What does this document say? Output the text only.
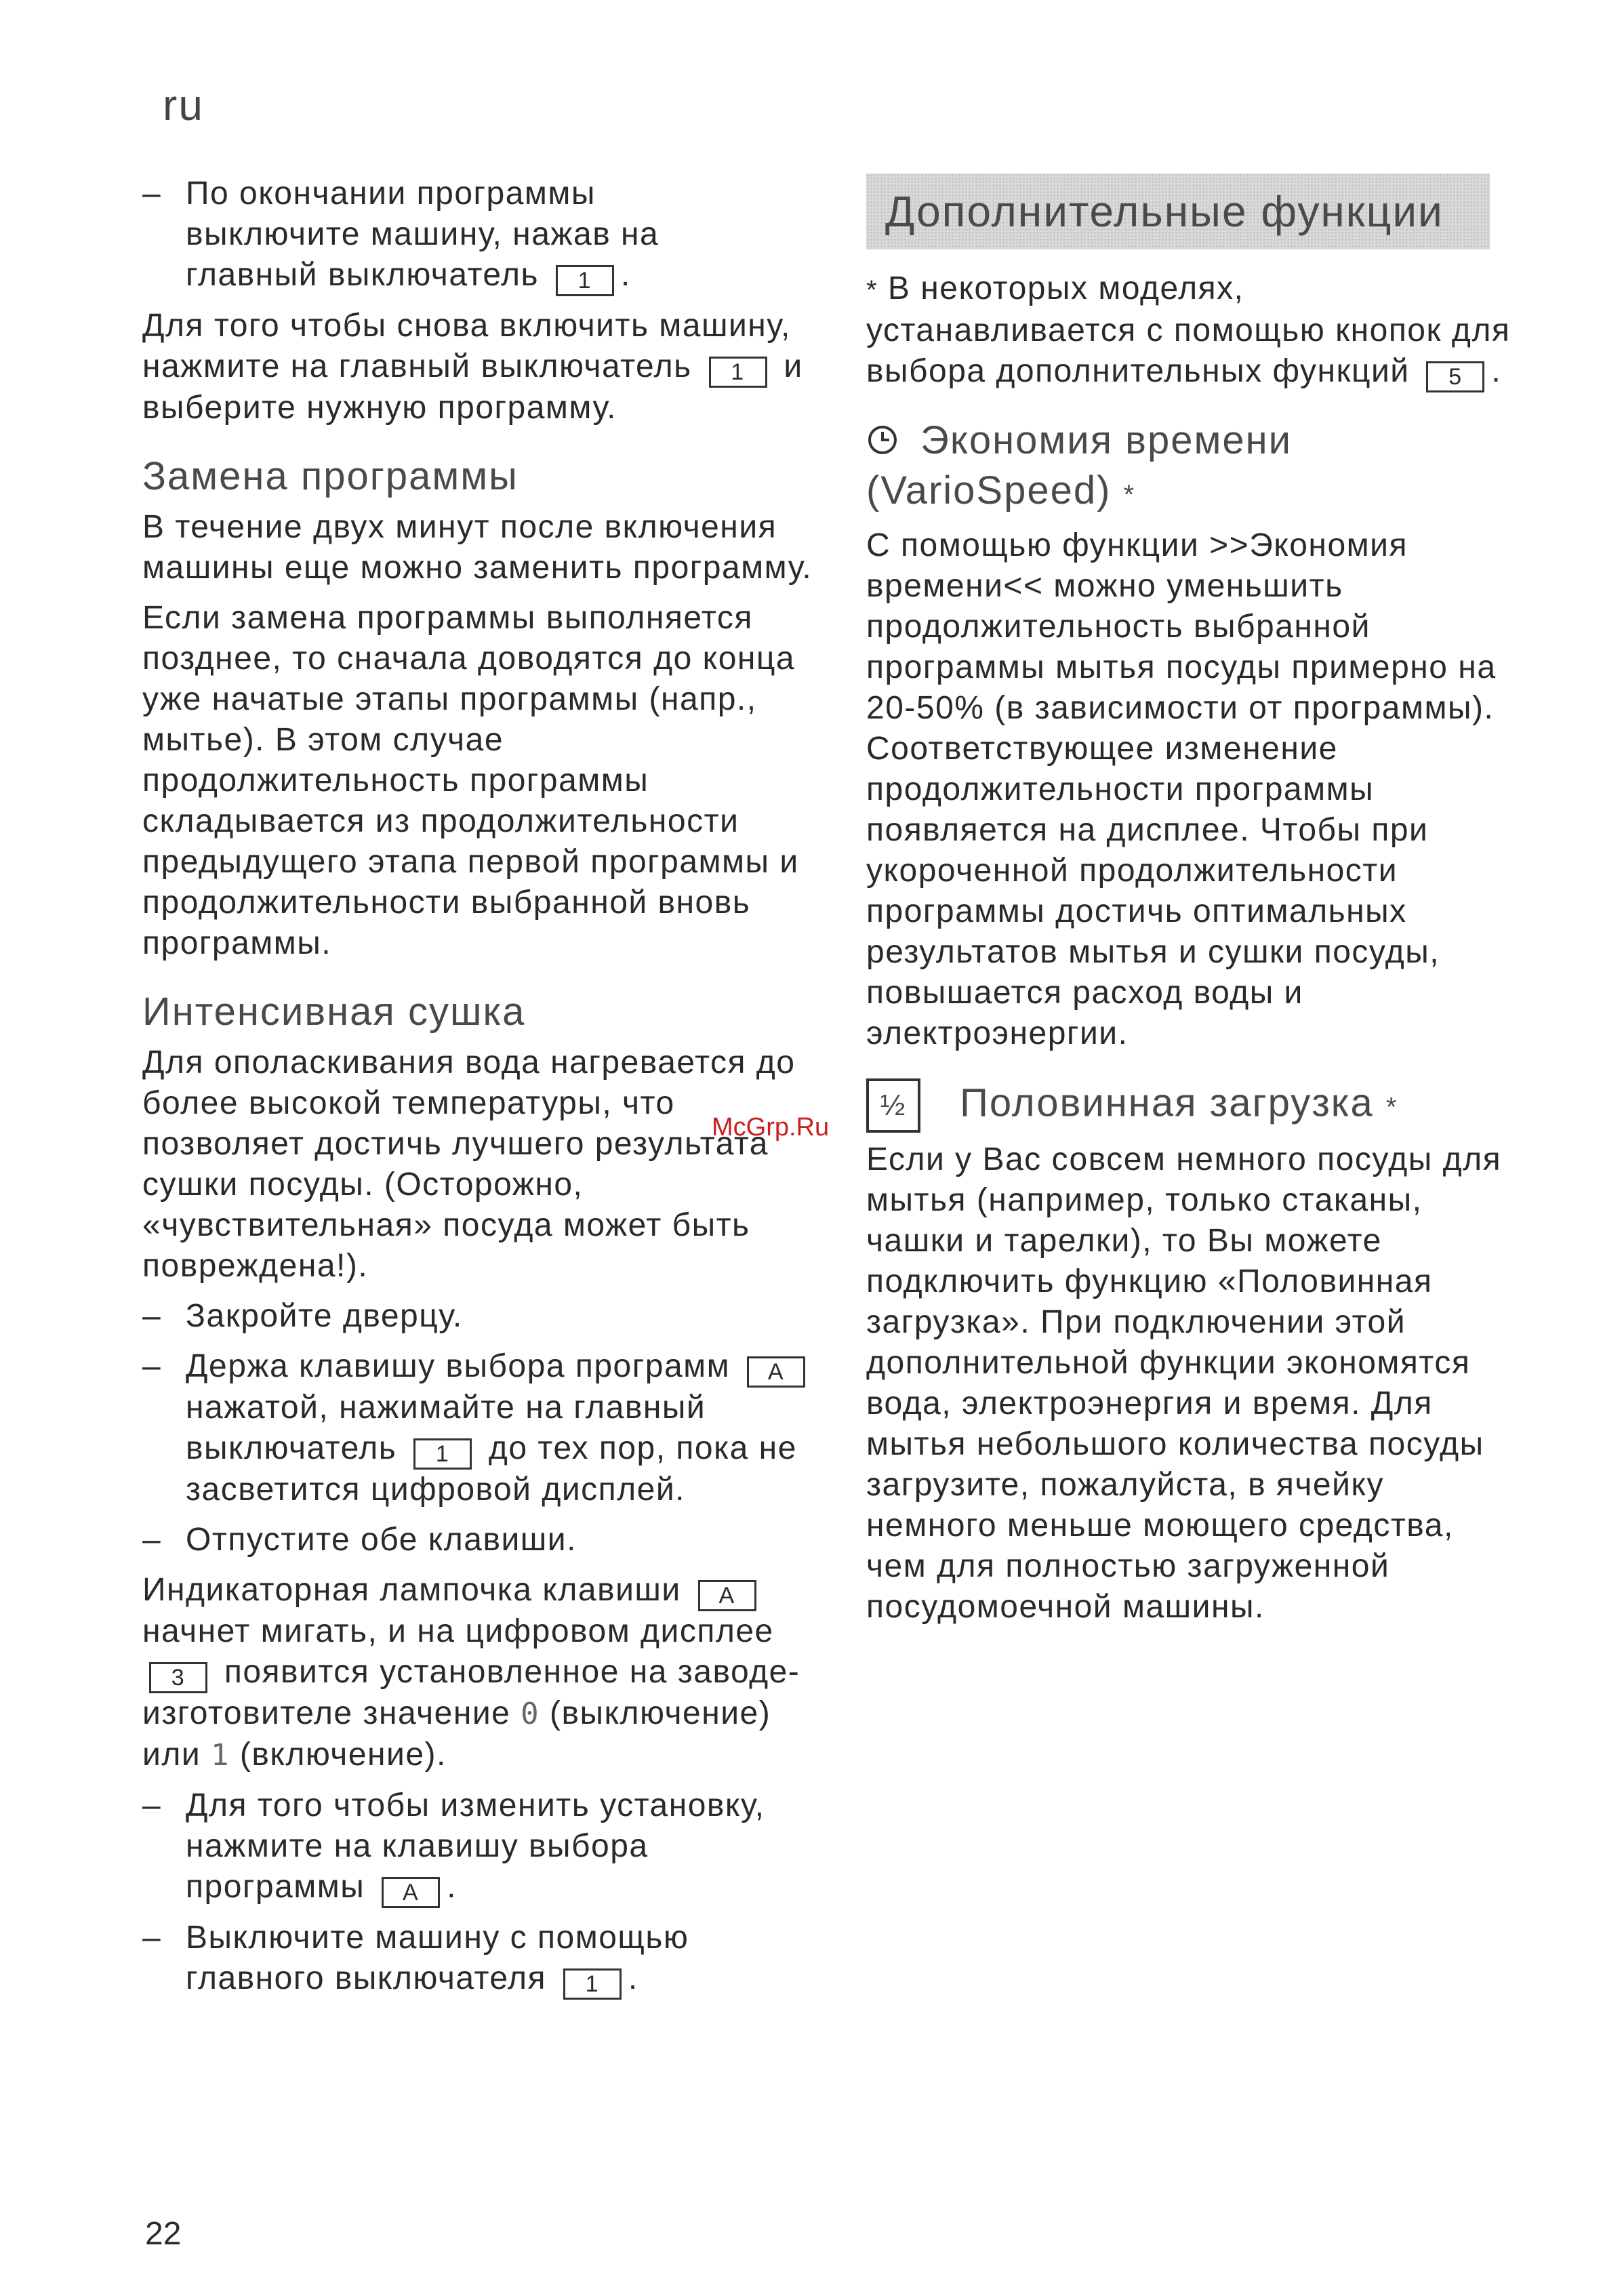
ru
– По окончании программы
выключите машину, нажав на
главный выключатель 1 .

Для того чтобы снова включить машину, нажмите на главный выключатель 1 и выберите нужную программу.

Замена программы

В течение двух минут после включения машины еще можно заменить программу.

Если замена программы выполняется позднее, то сначала доводятся до конца уже начатые этапы программы (напр., мытье). В этом случае продолжительность программы складывается из продолжительности предыдущего этапа первой программы и продолжительности выбранной вновь программы.

Интенсивная сушка

Для ополаскивания вода нагревается до более высокой температуры, что позволяет достичь лучшего результата сушки посуды. (Осторожно, «чувствительная» посуда может быть повреждена!).

– Закройте дверцу.
– Держа клавишу выбора программ A нажатой, нажимайте на главный выключатель 1 до тех пор, пока не засветится цифровой дисплей.
– Отпустите обе клавиши.

Индикаторная лампочка клавиши A начнет мигать, и на цифровом дисплее 3 появится установленное на заводе-изготовителе значение 0 (выключение) или 1 (включение).

– Для того чтобы изменить установку, нажмите на клавишу выбора программы A .
– Выключите машину с помощью главного выключателя 1 .
Дополнительные функции

* В некоторых моделях, устанавливается с помощью кнопок для выбора дополнительных функций 5 .

Экономия времени (VarioSpeed) *

С помощью функции >>Экономия времени<< можно уменьшить продолжительность выбранной программы мытья посуды примерно на 20-50% (в зависимости от программы). Соответствующее изменение продолжительности программы появляется на дисплее. Чтобы при укороченной продолжительности программы достичь оптимальных результатов мытья и сушки посуды, повышается расход воды и электроэнергии.

½ Половинная загрузка *

Если у Вас совсем немного посуды для мытья (например, только стаканы, чашки и тарелки), то Вы можете подключить функцию «Половинная загрузка». При подключении этой дополнительной функции экономятся вода, электроэнергия и время. Для мытья небольшого количества посуды загрузите, пожалуйста, в ячейку немного меньше моющего средства, чем для полностью загруженной посудомоечной машины.

McGrp.Ru
22
